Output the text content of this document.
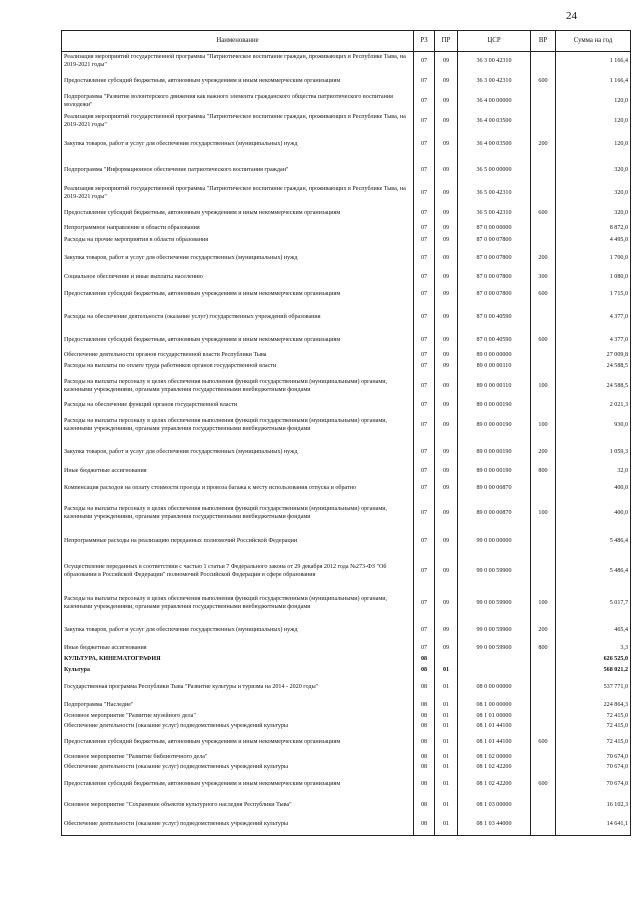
24
Наименование	РЗ	ПР	ЦСР	ВР	Сумма на год
Реализация мероприятий государственной программы "Патриотическое воспитание граждан, проживающих в Республике Тыва, на 2019-2021 годы"	07	09	36 3 00 42310		1 166,4
Предоставление субсидий бюджетным, автономным учреждениям и иным некоммерческим организациям	07	09	36 3 00 42310	600	1 166,4
Подпрограмма "Развитие волонтерского движения как важного элемента гражданского общества патриотического воспитания молодежи"	07	09	36 4 00 00000		120,0
Реализация мероприятий государственной программы "Патриотическое воспитание граждан, проживающих в Республике Тыва, на 2019-2021 годы"	07	09	36 4 00 03500		120,0
Закупка товаров, работ и услуг для обеспечения государственных (муниципальных) нужд	07	09	36 4 00 03500	200	120,0
Подпрограмма "Информационное обеспечение патриотического воспитания граждан"	07	09	36 5 00 00000		320,0
Реализация мероприятий государственной программы "Патриотическое воспитание граждан, проживающих в Республике Тыва, на 2019-2021 годы"	07	09	36 5 00 42310		320,0
Предоставление субсидий бюджетным, автономным учреждениям и иным некоммерческим организациям	07	09	36 5 00 42310	600	320,0
Непрограммное направление в области образования	07	09	87 0 00 00000		8 872,0
Расходы на прочие мероприятия в области образования	07	09	87 0 00 07800		4 495,0
Закупка товаров, работ и услуг для обеспечения государственных (муниципальных) нужд	07	09	87 0 00 07800	200	1 700,0
Социальное обеспечение и иные выплаты населению	07	09	87 0 00 07800	300	1 080,0
Предоставление субсидий бюджетным, автономным учреждениям и иным некоммерческим организациям	07	09	87 0 00 07800	600	1 715,0
Расходы на обеспечение деятельности (оказание услуг) государственных учреждений образования	07	09	87 0 00 40590		4 377,0
Предоставление субсидий бюджетным, автономным учреждениям и иным некоммерческим организациям	07	09	87 0 00 40590	600	4 377,0
Обеспечение деятельности органов государственной власти Республики Тыва	07	09	89 0 00 00000		27 009,8
Расходы на выплаты по оплате труда работников органов государственной власти	07	09	89 0 00 00110		24 588,5
Расходы на выплаты персоналу в целях обеспечения выполнения функций государственными (муниципальными) органами, казенными учреждениями, органами управления государственными внебюджетными фондами	07	09	89 0 00 00110	100	24 588,5
Расходы на обеспечение функций органов государственной власти	07	09	89 0 00 00190		2 021,3
Расходы на выплаты персоналу в целях обеспечения выполнения функций государственными (муниципальными) органами, казенными учреждениями, органами управления государственными внебюджетными фондами	07	09	89 0 00 00190	100	930,0
Закупка товаров, работ и услуг для обеспечения государственных (муниципальных) нужд	07	09	89 0 00 00190	200	1 059,3
Иные бюджетные ассигнования	07	09	89 0 00 00190	800	32,0
Компенсация расходов на оплату стоимости проезда и провоза багажа к месту использования отпуска и обратно	07	09	89 0 00 00870		400,0
Расходы на выплаты персоналу в целях обеспечения выполнения функций государственными (муниципальными) органами, казенными учреждениями, органами управления государственными внебюджетными фондами	07	09	89 0 00 00870	100	400,0
Непрограммные расходы на реализацию переданных полномочий Российской Федерации	07	09	99 0 00 00000		5 486,4
Осуществление переданных в соответствии с частью 1 статьи 7 Федерального закона от 29 декабря 2012 года №273-ФЗ "Об образовании в Российской Федерации" полномочий Российской Федерации в сфере образования	07	09	99 0 00 59900		5 486,4
Расходы на выплаты персоналу в целях обеспечения выполнения функций государственными (муниципальными) органами, казенными учреждениями, органами управления государственными внебюджетными фондами	07	09	99 0 00 59900	100	5 017,7
Закупка товаров, работ и услуг для обеспечения государственных (муниципальных) нужд	07	09	99 0 00 59900	200	465,4
Иные бюджетные ассигнования	07	09	99 0 00 59900	800	3,3
КУЛЬТУРА, КИНЕМАТОГРАФИЯ	08				626 525,0
Культура	08	01			568 021,2
Государственная программа Республики Тыва "Развитие культуры и туризма на 2014 - 2020 годы"	08	01	08 0 00 00000		537 771,0
Подпрограмма "Наследие"	08	01	08 1 00 00000		224 864,3
Основное мероприятие "Развитие музейного дела"	08	01	08 1 01 00000		72 415,0
Обеспечение деятельности (оказание услуг) подведомственных учреждений культуры	08	01	08 1 01 44100		72 415,0
Предоставление субсидий бюджетным, автономным учреждениям и иным некоммерческим организациям	08	01	08 1 01 44100	600	72 415,0
Основное мероприятие "Развитие библиотечного дела"	08	01	08 1 02 00000		70 674,0
Обеспечение деятельности (оказание услуг) подведомственных учреждений культуры	08	01	08 1 02 42200		70 674,0
Предоставление субсидий бюджетным, автономным учреждениям и иным некоммерческим организациям	08	01	08 1 02 42200	600	70 674,0
Основное мероприятие "Сохранение объектов культурного наследия Республики Тыва"	08	01	08 1 03 00000		16 102,3
Обеспечение деятельности (оказание услуг) подведомственных учреждений культуры	08	01	08 1 03 44000		14 641,1
